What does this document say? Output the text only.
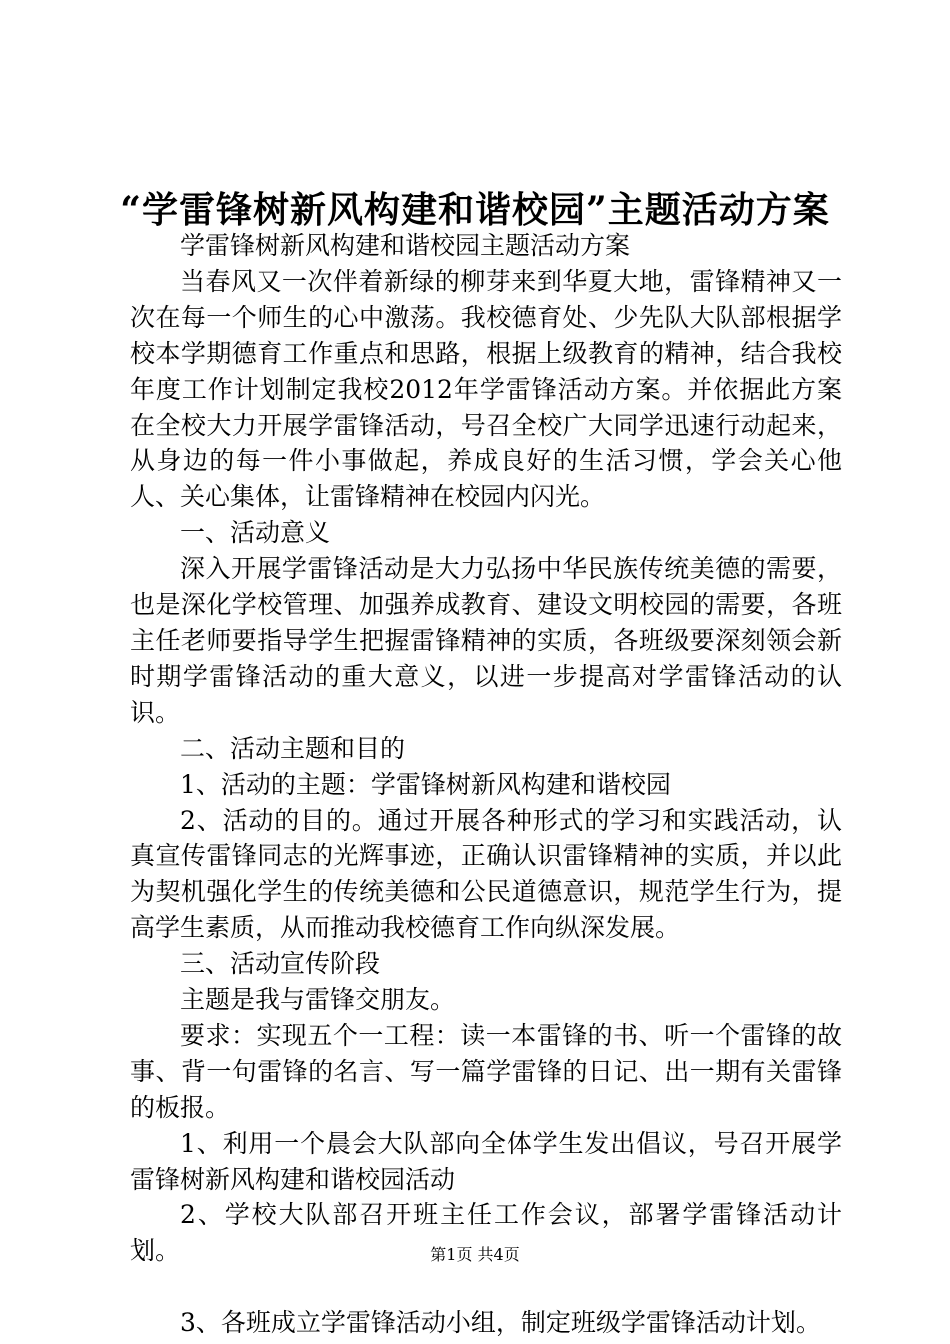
“学雷锋树新风构建和谐校园”主题活动方案

学雷锋树新风构建和谐校园主题活动方案

当春风又一次伴着新绿的柳芽来到华夏大地，雷锋精神又一次在每一个师生的心中激荡。我校德育处、少先队大队部根据学校本学期德育工作重点和思路，根据上级教育的精神，结合我校年度工作计划制定我校2012年学雷锋活动方案。并依据此方案在全校大力开展学雷锋活动，号召全校广大同学迅速行动起来，从身边的每一件小事做起，养成良好的生活习惯，学会关心他人、关心集体，让雷锋精神在校园内闪光。

一、活动意义

深入开展学雷锋活动是大力弘扬中华民族传统美德的需要，也是深化学校管理、加强养成教育、建设文明校园的需要，各班主任老师要指导学生把握雷锋精神的实质，各班级要深刻领会新时期学雷锋活动的重大意义，以进一步提高对学雷锋活动的认识。

二、活动主题和目的

1、活动的主题：学雷锋树新风构建和谐校园

2、活动的目的。通过开展各种形式的学习和实践活动，认真宣传雷锋同志的光辉事迹，正确认识雷锋精神的实质，并以此为契机强化学生的传统美德和公民道德意识，规范学生行为，提高学生素质，从而推动我校德育工作向纵深发展。

三、活动宣传阶段

主题是我与雷锋交朋友。

要求：实现五个一工程：读一本雷锋的书、听一个雷锋的故事、背一句雷锋的名言、写一篇学雷锋的日记、出一期有关雷锋的板报。

1、利用一个晨会大队部向全体学生发出倡议，号召开展学雷锋树新风构建和谐校园活动

2、学校大队部召开班主任工作会议，部署学雷锋活动计划。

3、各班成立学雷锋活动小组，制定班级学雷锋活动计划。

第1页 共4页
